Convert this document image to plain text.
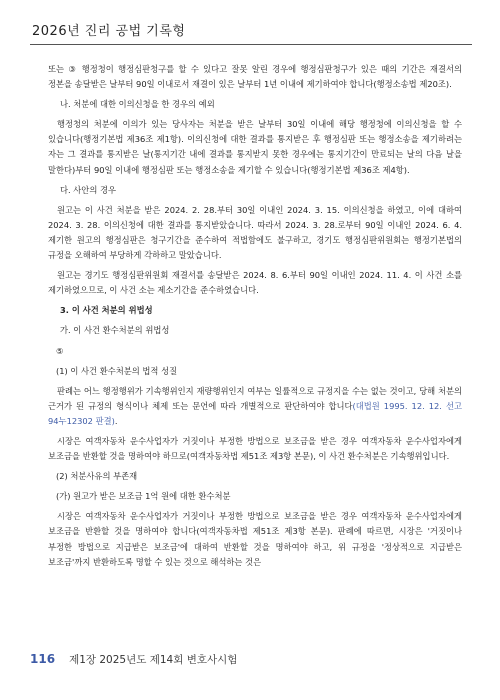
2026년 진리 공법 기록형

또는 ③ 행정청이 행정심판청구를 할 수 있다고 잘못 알린 경우에 행정심판청구가 있은 때의 기간은 재결서의 정본을 송달받은 날부터 90일 이내로서 재결이 있은 날부터 1년 이내에 제기하여야 합니다(행정소송법 제20조).

나. 처분에 대한 이의신청을 한 경우의 예외

행정청의 처분에 이의가 있는 당사자는 처분을 받은 날부터 30일 이내에 해당 행정청에 이의신청을 할 수 있습니다(행정기본법 제36조 제1항). 이의신청에 대한 결과를 통지받은 후 행정심판 또는 행정소송을 제기하려는 자는 그 결과를 통지받은 날(통지기간 내에 결과를 통지받지 못한 경우에는 통지기간이 만료되는 날의 다음 날을 말한다)부터 90일 이내에 행정심판 또는 행정소송을 제기할 수 있습니다(행정기본법 제36조 제4항).

다. 사안의 경우

원고는 이 사건 처분을 받은 2024. 2. 28.부터 30일 이내인 2024. 3. 15. 이의신청을 하였고, 이에 대하여 2024. 3. 28. 이의신청에 대한 결과를 통지받았습니다. 따라서 2024. 3. 28.로부터 90일 이내인 2024. 6. 4. 제기한 원고의 행정심판은 청구기간을 준수하여 적법함에도 불구하고, 경기도 행정심판위원회는 행정기본법의 규정을 오해하여 부당하게 각하하고 말았습니다.

원고는 경기도 행정심판위원회 재결서를 송달받은 2024. 8. 6.부터 90일 이내인 2024. 11. 4. 이 사건 소를 제기하였으므로, 이 사건 소는 제소기간을 준수하였습니다.

3. 이 사건 처분의 위법성

가. 이 사건 환수처분의 위법성

⑤

(1) 이 사건 환수처분의 법적 성질

판례는 어느 행정행위가 기속행위인지 재량행위인지 여부는 일률적으로 규정지을 수는 없는 것이고, 당해 처분의 근거가 된 규정의 형식이나 체제 또는 문언에 따라 개별적으로 판단하여야 합니다(대법원 1995. 12. 12. 선고 94누12302 판결).

시장은 여객자동차 운수사업자가 거짓이나 부정한 방법으로 보조금을 받은 경우 여객자동차 운수사업자에게 보조금을 반환할 것을 명하여야 하므로(여객자동차법 제51조 제3항 본문), 이 사건 환수처분은 기속행위입니다.

(2) 처분사유의 부존재

(가) 원고가 받은 보조금 1억 원에 대한 환수처분

시장은 여객자동차 운수사업자가 거짓이나 부정한 방법으로 보조금을 받은 경우 여객자동차 운수사업자에게 보조금을 반환할 것을 명하여야 합니다(여객자동차법 제51조 제3항 본문). 판례에 따르면, 시장은 '거짓이나 부정한 방법으로 지급받은 보조금'에 대하여 반환할 것을 명하여야 하고, 위 규정을 '정상적으로 지급받은 보조금'까지 반환하도록 명할 수 있는 것으로 해석하는 것은

116 제1장 2025년도 제14회 변호사시험
